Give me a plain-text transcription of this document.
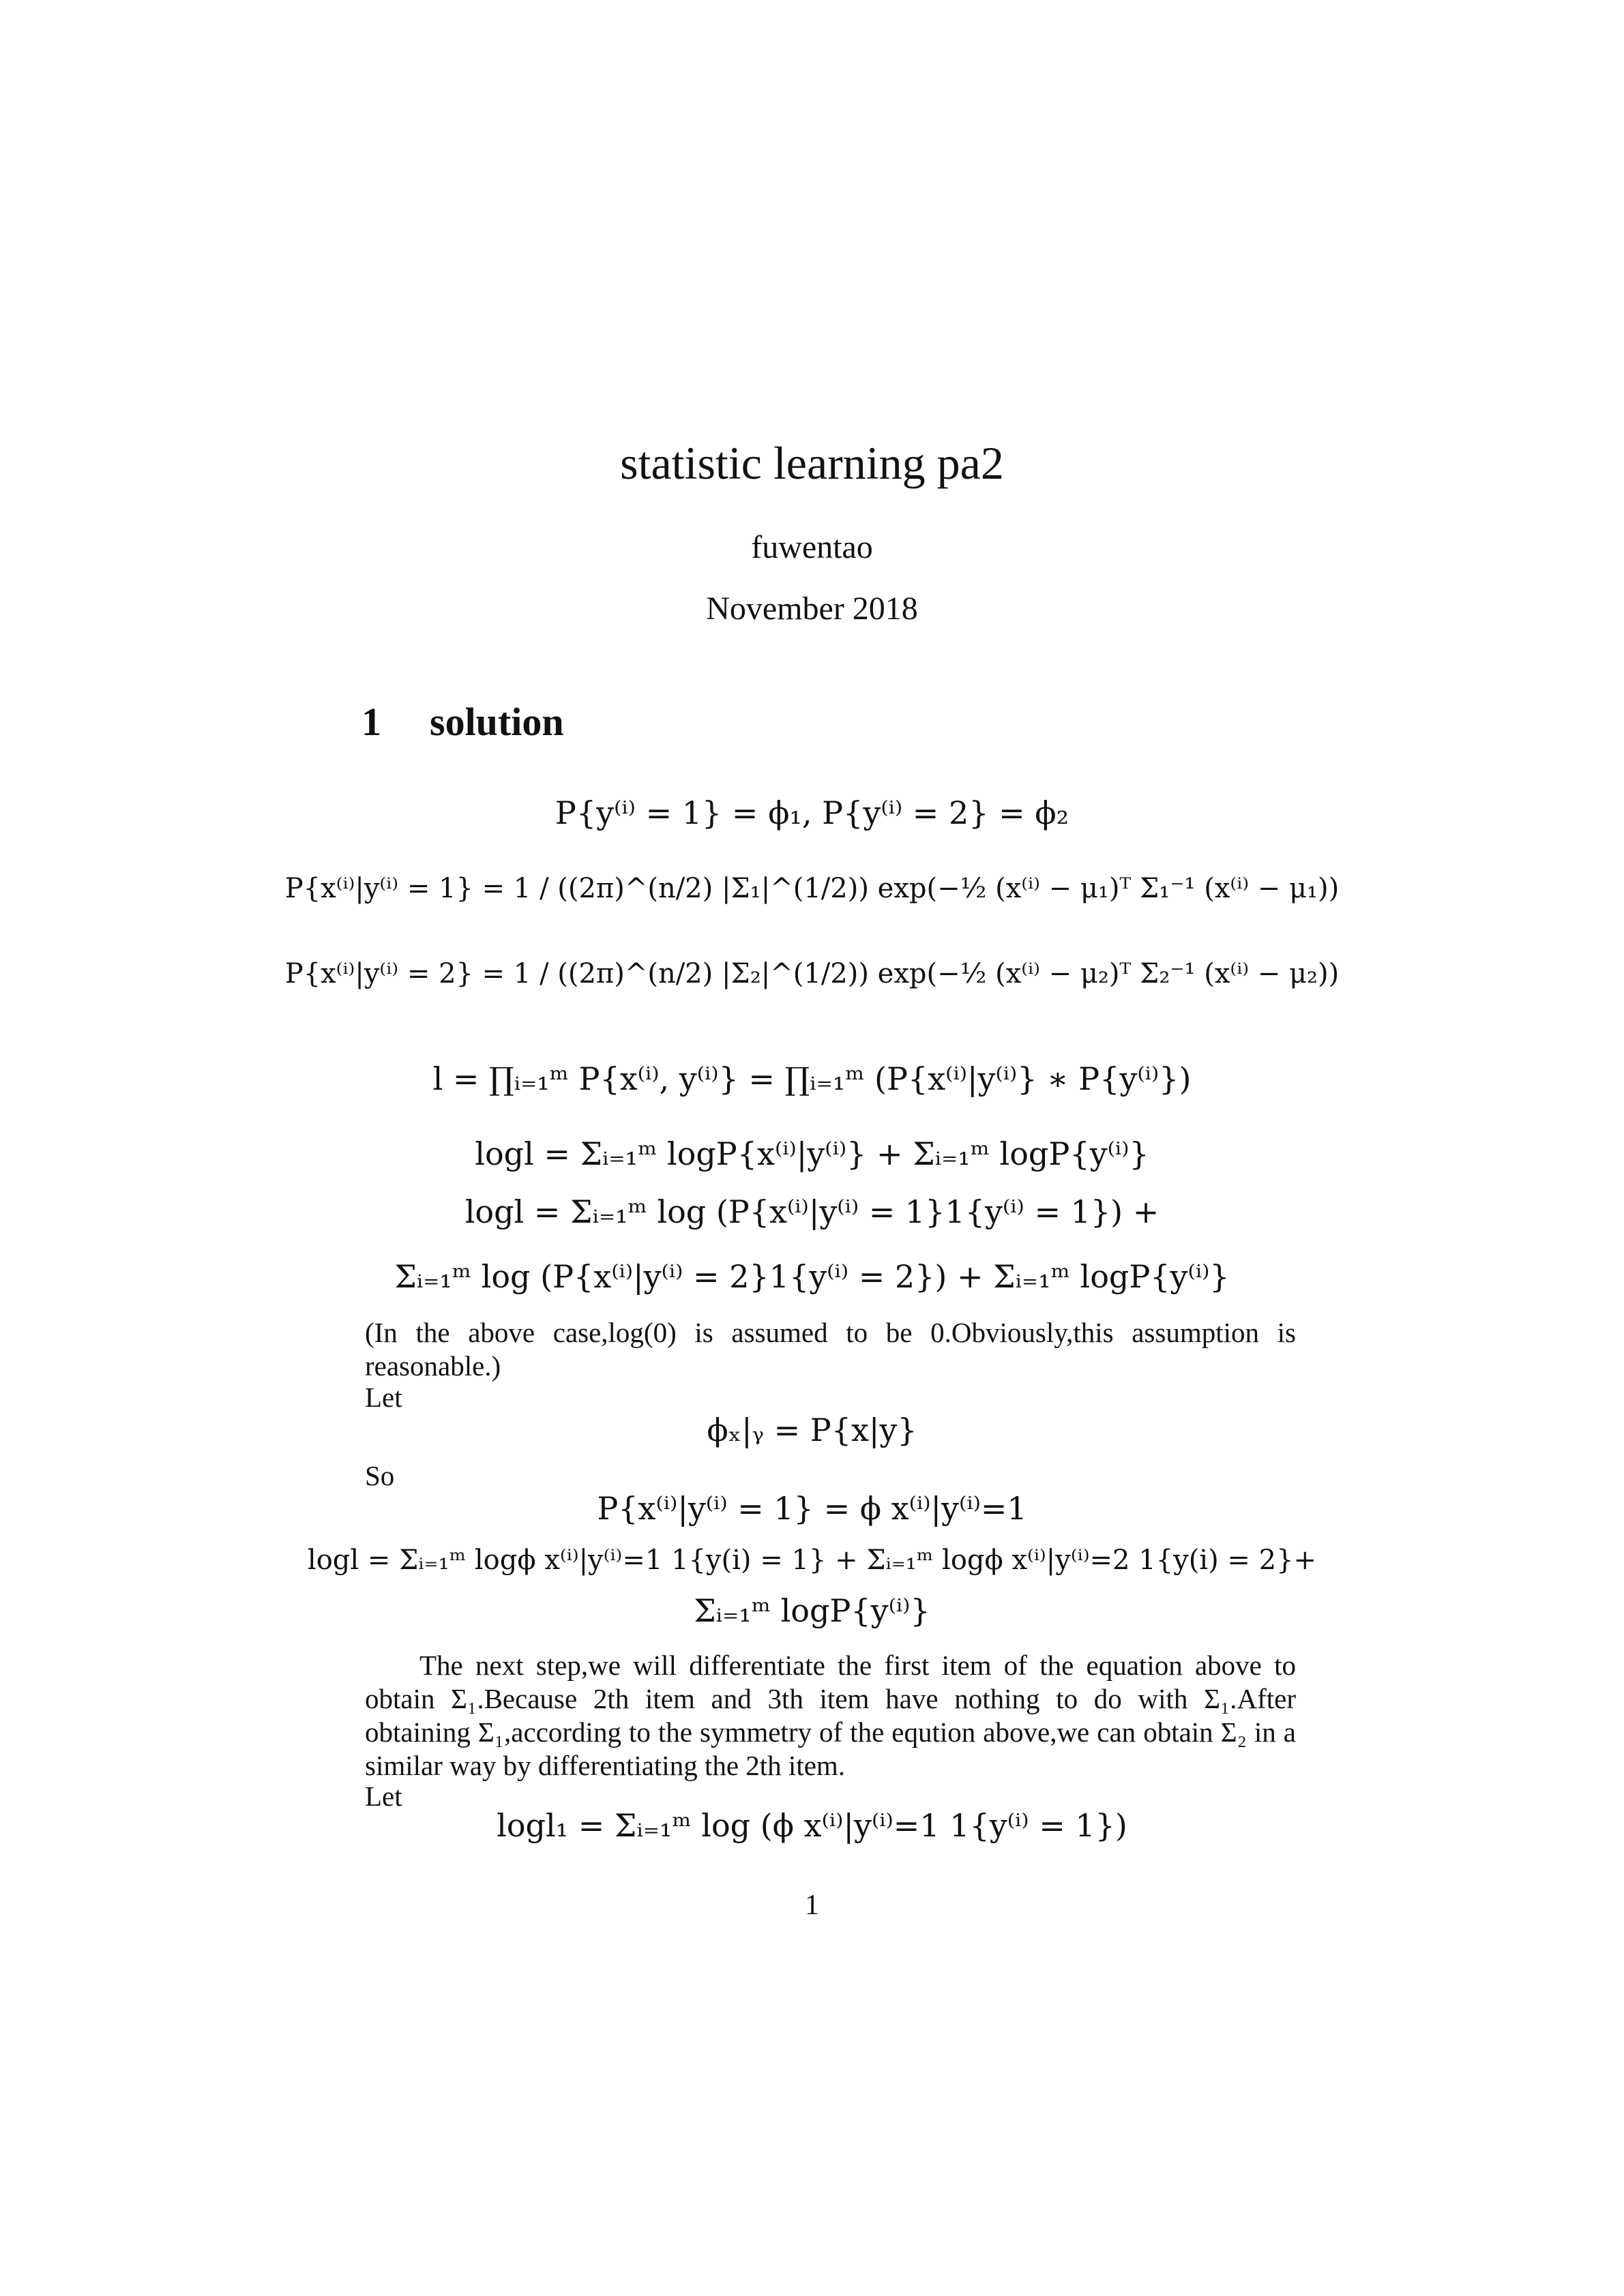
statistic learning pa2
fuwentao
November 2018
1 solution
P{y⁽ⁱ⁾ = 1} = ϕ₁, P{y⁽ⁱ⁾ = 2} = ϕ₂
P{x⁽ⁱ⁾|y⁽ⁱ⁾ = 1} = 1 / ((2π)^(n/2) |Σ₁|^(1/2)) exp(−½ (x⁽ⁱ⁾ − μ₁)ᵀ Σ₁⁻¹ (x⁽ⁱ⁾ − μ₁))
P{x⁽ⁱ⁾|y⁽ⁱ⁾ = 2} = 1 / ((2π)^(n/2) |Σ₂|^(1/2)) exp(−½ (x⁽ⁱ⁾ − μ₂)ᵀ Σ₂⁻¹ (x⁽ⁱ⁾ − μ₂))
l = ∏ᵢ₌₁ᵐ P{x⁽ⁱ⁾, y⁽ⁱ⁾} = ∏ᵢ₌₁ᵐ (P{x⁽ⁱ⁾|y⁽ⁱ⁾} ∗ P{y⁽ⁱ⁾})
logl = Σᵢ₌₁ᵐ logP{x⁽ⁱ⁾|y⁽ⁱ⁾} + Σᵢ₌₁ᵐ logP{y⁽ⁱ⁾}
logl = Σᵢ₌₁ᵐ log (P{x⁽ⁱ⁾|y⁽ⁱ⁾ = 1}1{y⁽ⁱ⁾ = 1}) +
Σᵢ₌₁ᵐ log (P{x⁽ⁱ⁾|y⁽ⁱ⁾ = 2}1{y⁽ⁱ⁾ = 2}) + Σᵢ₌₁ᵐ logP{y⁽ⁱ⁾}
(In the above case,log(0) is assumed to be 0.Obviously,this assumption is reasonable.)
Let
ϕₓ|ᵧ = P{x|y}
So
P{x⁽ⁱ⁾|y⁽ⁱ⁾ = 1} = ϕ x⁽ⁱ⁾|y⁽ⁱ⁾=1
logl = Σᵢ₌₁ᵐ logϕ x⁽ⁱ⁾|y⁽ⁱ⁾=1 1{y(i) = 1} + Σᵢ₌₁ᵐ logϕ x⁽ⁱ⁾|y⁽ⁱ⁾=2 1{y(i) = 2}+
Σᵢ₌₁ᵐ logP{y⁽ⁱ⁾}
The next step,we will differentiate the first item of the equation above to obtain Σ₁.Because 2th item and 3th item have nothing to do with Σ₁.After obtaining Σ₁,according to the symmetry of the eqution above,we can obtain Σ₂ in a similar way by differentiating the 2th item.
Let
logl₁ = Σᵢ₌₁ᵐ log (ϕ x⁽ⁱ⁾|y⁽ⁱ⁾=1 1{y⁽ⁱ⁾ = 1})
1
